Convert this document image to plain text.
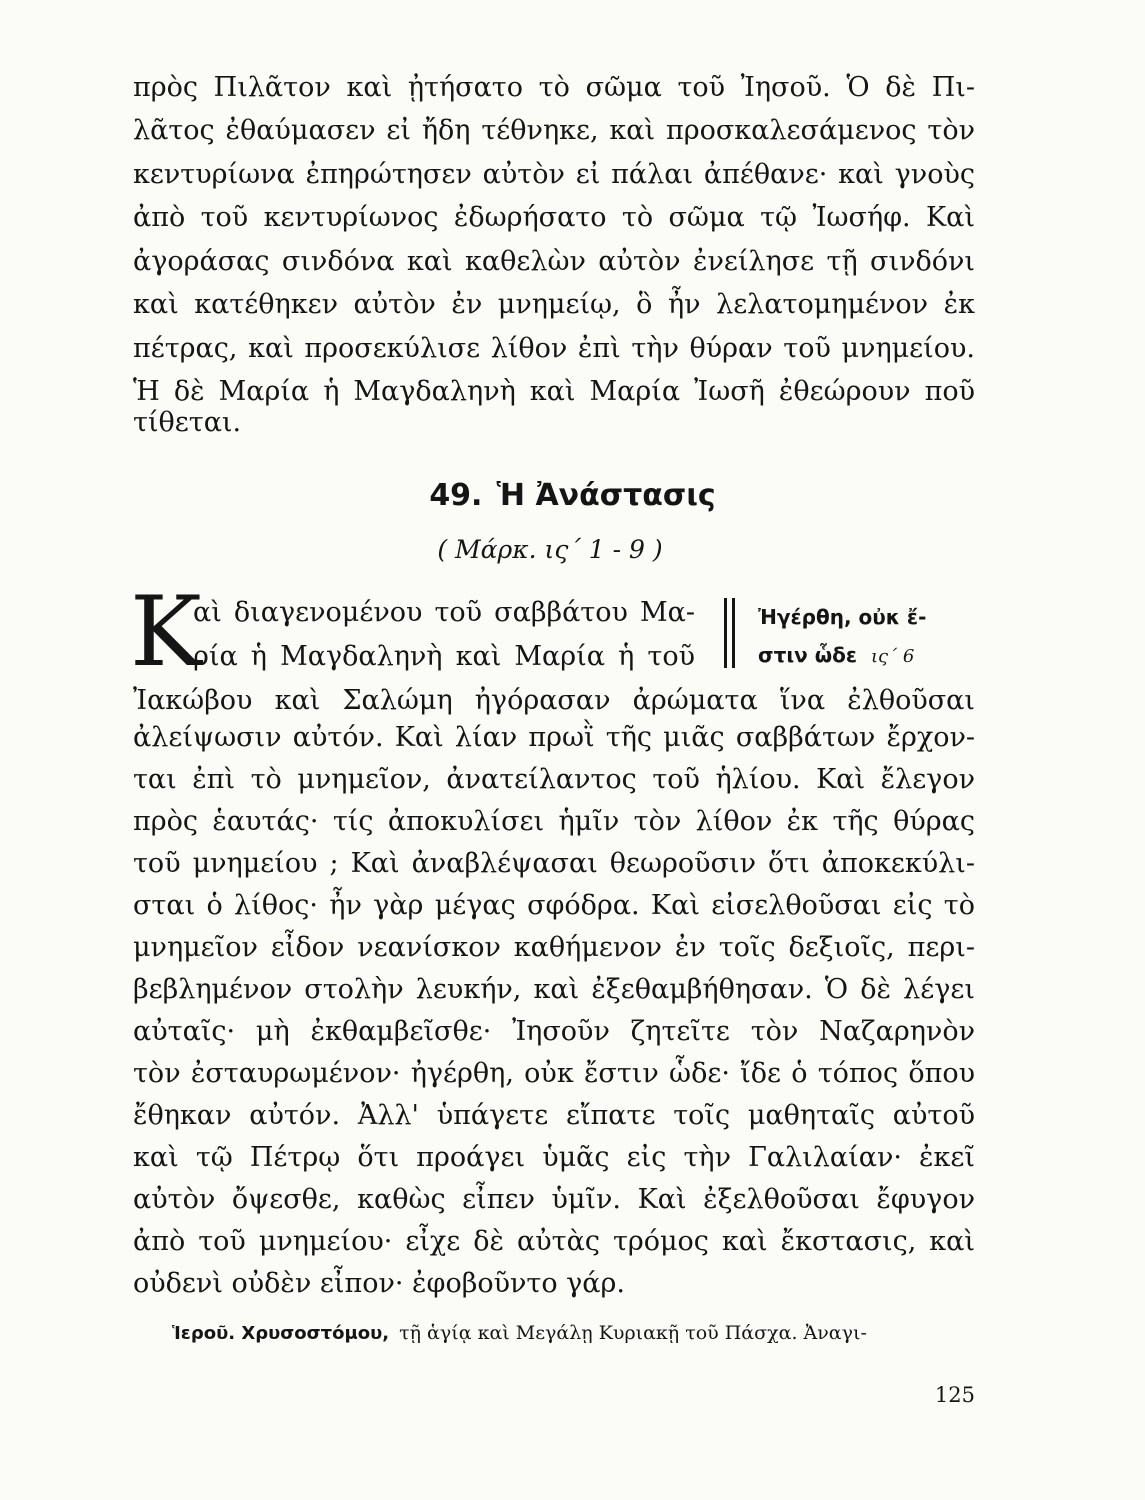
πρὸς Πιλᾶτον καὶ ᾐτήσατο τὸ σῶμα τοῦ Ἰησοῦ. Ὁ δὲ Πι-
λᾶτος ἐθαύμασεν εἰ ἤδη τέθνηκε, καὶ προσκαλεσάμενος τὸν
κεντυρίωνα ἐπηρώτησεν αὐτὸν εἰ πάλαι ἀπέθανε· καὶ γνοὺς
ἀπὸ τοῦ κεντυρίωνος ἐδωρήσατο τὸ σῶμα τῷ Ἰωσήφ. Καὶ
ἀγοράσας σινδόνα καὶ καθελὼν αὐτὸν ἐνείλησε τῇ σινδόνι
καὶ κατέθηκεν αὐτὸν ἐν μνημείῳ, ὃ ἦν λελατομημένον ἐκ
πέτρας, καὶ προσεκύλισε λίθον ἐπὶ τὴν θύραν τοῦ μνημείου.
Ἡ δὲ Μαρία ἡ Μαγδαληνὴ καὶ Μαρία Ἰωσῆ ἐθεώρουν ποῦ
τίθεται.
49. Ἡ Ἀνάστασις
( Μάρκ. ις΄ 1 - 9 )
Κ
αὶ διαγενομένου τοῦ σαββάτου Μα-
ρία ἡ Μαγδαληνὴ καὶ Μαρία ἡ τοῦ
Ἠγέρθη, οὐκ ἔ-
στιν ὧδε ις΄ 6
Ἰακώβου καὶ Σαλώμη ἠγόρασαν ἀρώματα ἵνα ἐλθοῦσαι
ἀλείψωσιν αὐτόν. Καὶ λίαν πρωῒ τῆς μιᾶς σαββάτων ἔρχον-
ται ἐπὶ τὸ μνημεῖον, ἀνατείλαντος τοῦ ἡλίου. Καὶ ἔλεγον
πρὸς ἑαυτάς· τίς ἀποκυλίσει ἡμῖν τὸν λίθον ἐκ τῆς θύρας
τοῦ μνημείου ; Καὶ ἀναβλέψασαι θεωροῦσιν ὅτι ἀποκεκύλι-
σται ὁ λίθος· ἦν γὰρ μέγας σφόδρα. Καὶ εἰσελθοῦσαι εἰς τὸ
μνημεῖον εἶδον νεανίσκον καθήμενον ἐν τοῖς δεξιοῖς, περι-
βεβλημένον στολὴν λευκήν, καὶ ἐξεθαμβήθησαν. Ὁ δὲ λέγει
αὐταῖς· μὴ ἐκθαμβεῖσθε· Ἰησοῦν ζητεῖτε τὸν Ναζαρηνὸν
τὸν ἐσταυρωμένον· ἠγέρθη, οὐκ ἔστιν ὧδε· ἴδε ὁ τόπος ὅπου
ἔθηκαν αὐτόν. Ἀλλ' ὑπάγετε εἴπατε τοῖς μαθηταῖς αὐτοῦ
καὶ τῷ Πέτρῳ ὅτι προάγει ὑμᾶς εἰς τὴν Γαλιλαίαν· ἐκεῖ
αὐτὸν ὄψεσθε, καθὼς εἶπεν ὑμῖν. Καὶ ἐξελθοῦσαι ἔφυγον
ἀπὸ τοῦ μνημείου· εἶχε δὲ αὐτὰς τρόμος καὶ ἔκστασις, καὶ
οὐδενὶ οὐδὲν εἶπον· ἐφοβοῦντο γάρ.
Ἱεροῦ. Χρυσοστόμου, τῇ ἁγίᾳ καὶ Μεγάλῃ Κυριακῇ τοῦ Πάσχα. Ἀναγι-
125
